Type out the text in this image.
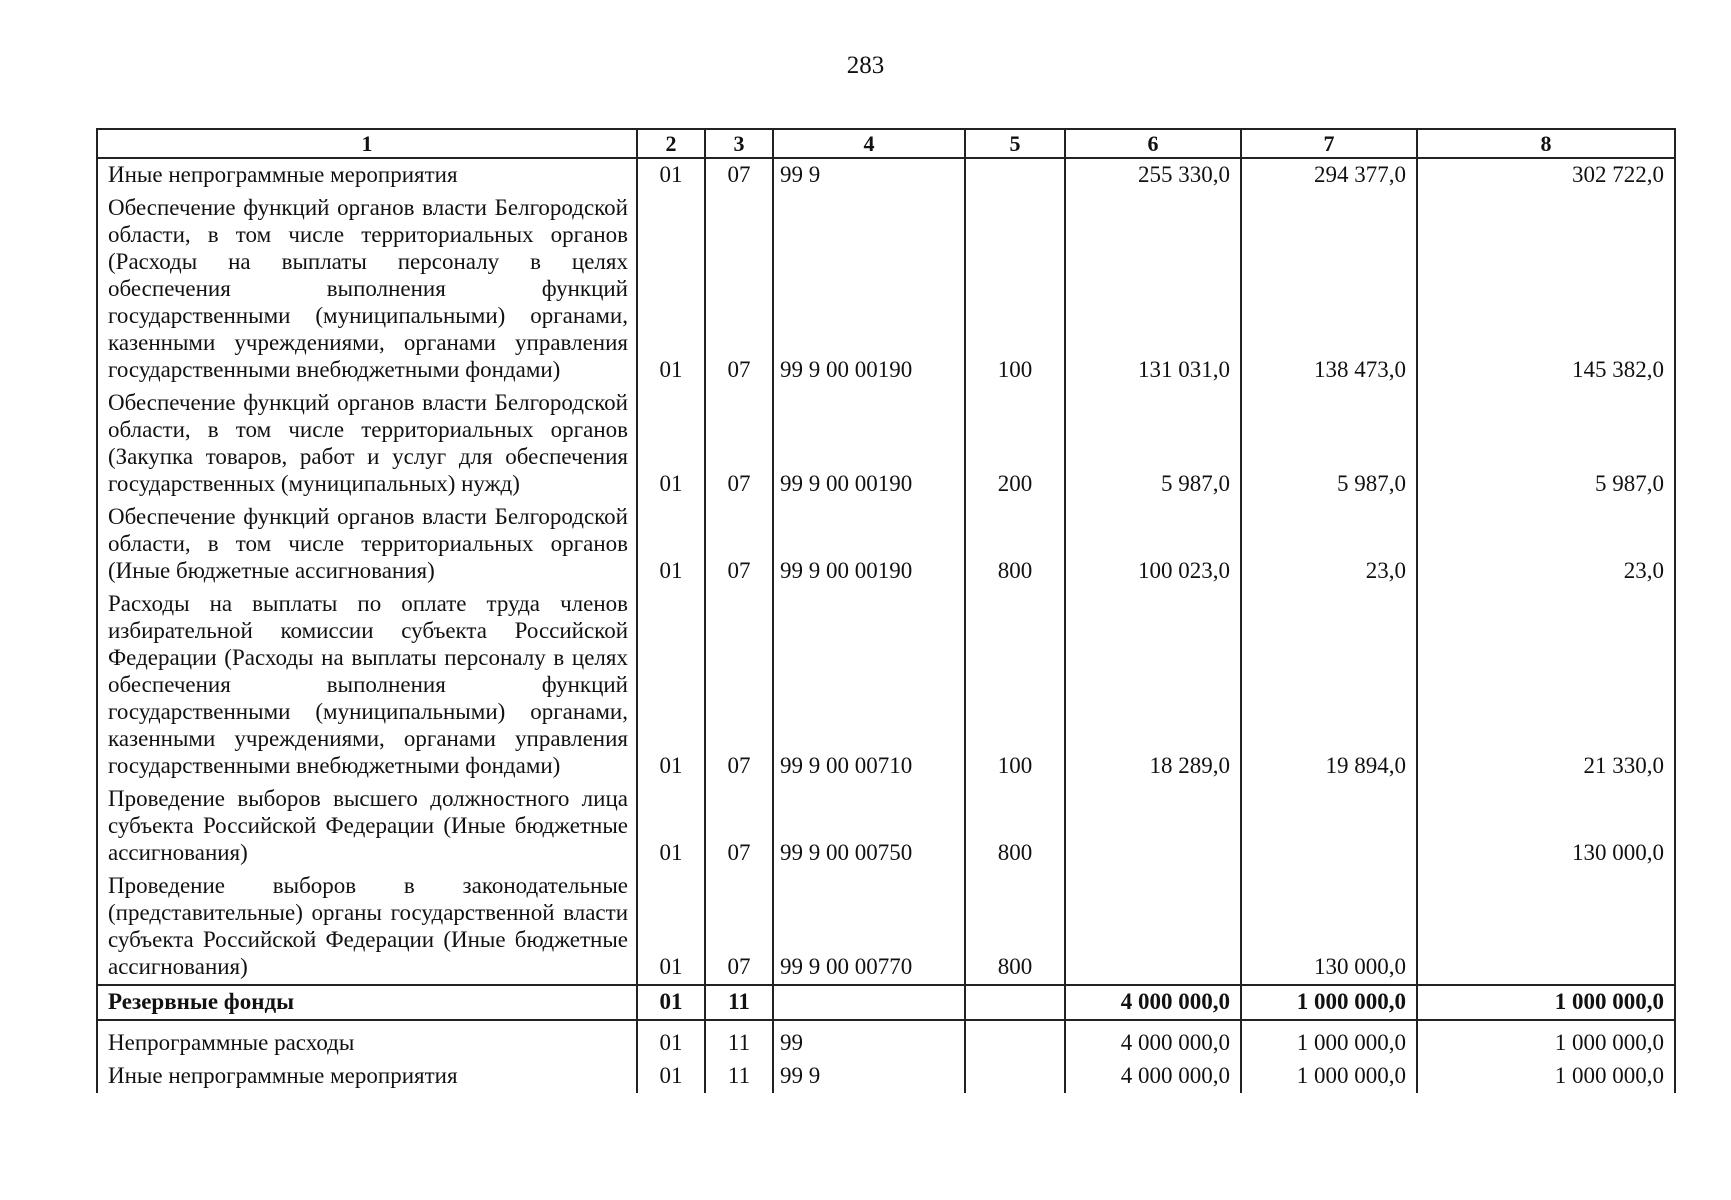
283
1	2	3	4	5	6	7	8
Иные непрограммные мероприятия	01	07	99 9		255 330,0	294 377,0	302 722,0
Обеспечение функций органов власти Белгородской области, в том числе территориальных органов (Расходы на выплаты персоналу в целях обеспечения выполнения функций государственными (муниципальными) органами, казенными учреждениями, органами управления государственными внебюджетными фондами)	01	07	99 9 00 00190	100	131 031,0	138 473,0	145 382,0
Обеспечение функций органов власти Белгородской области, в том числе территориальных органов (Закупка товаров, работ и услуг для обеспечения государственных (муниципальных) нужд)	01	07	99 9 00 00190	200	5 987,0	5 987,0	5 987,0
Обеспечение функций органов власти Белгородской области, в том числе территориальных органов (Иные бюджетные ассигнования)	01	07	99 9 00 00190	800	100 023,0	23,0	23,0
Расходы на выплаты по оплате труда членов избирательной комиссии субъекта Российской Федерации (Расходы на выплаты персоналу в целях обеспечения выполнения функций государственными (муниципальными) органами, казенными учреждениями, органами управления государственными внебюджетными фондами)	01	07	99 9 00 00710	100	18 289,0	19 894,0	21 330,0
Проведение выборов высшего должностного лица субъекта Российской Федерации (Иные бюджетные ассигнования)	01	07	99 9 00 00750	800			130 000,0
Проведение выборов в законодательные (представительные) органы государственной власти субъекта Российской Федерации (Иные бюджетные ассигнования)	01	07	99 9 00 00770	800		130 000,0	
Резервные фонды	01	11			4 000 000,0	1 000 000,0	1 000 000,0
Непрограммные расходы	01	11	99		4 000 000,0	1 000 000,0	1 000 000,0
Иные непрограммные мероприятия	01	11	99 9		4 000 000,0	1 000 000,0	1 000 000,0
